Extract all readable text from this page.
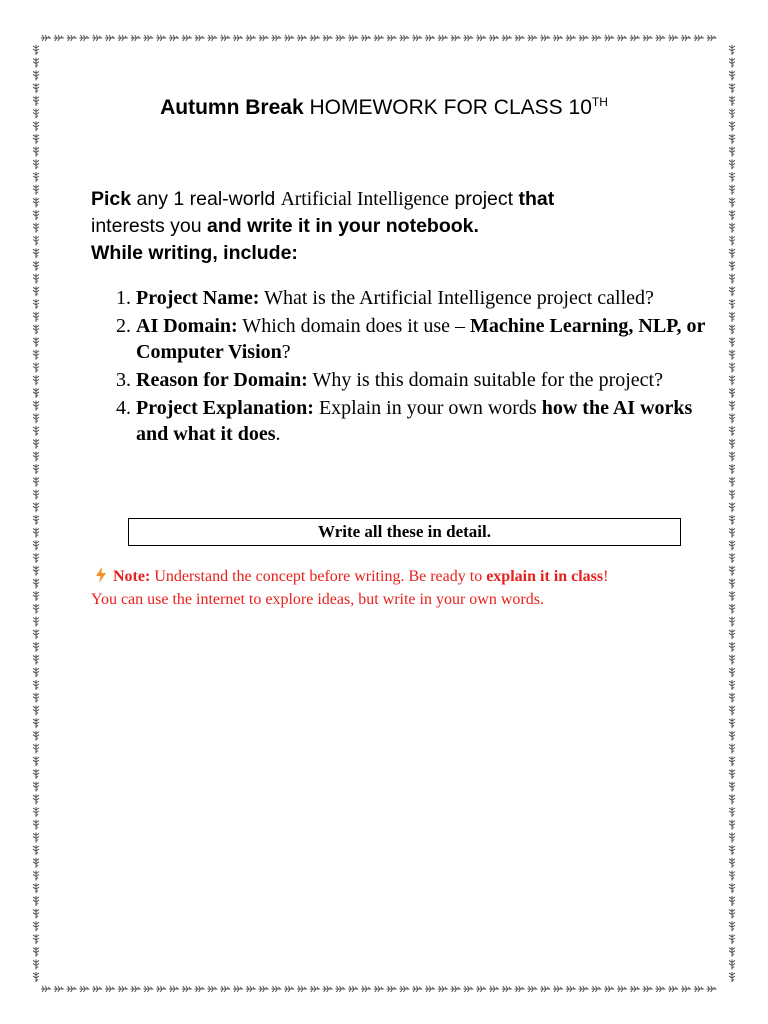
Autumn Break HOMEWORK FOR CLASS 10TH
Pick any 1 real-world Artificial Intelligence project that
interests you and write it in your notebook.
While writing, include:
1. Project Name: What is the Artificial Intelligence project called?
2. AI Domain: Which domain does it use – Machine Learning, NLP, or Computer Vision?
3. Reason for Domain: Why is this domain suitable for the project?
4. Project Explanation: Explain in your own words how the AI works and what it does.
Write all these in detail.
Note: Understand the concept before writing. Be ready to explain it in class!
You can use the internet to explore ideas, but write in your own words.
